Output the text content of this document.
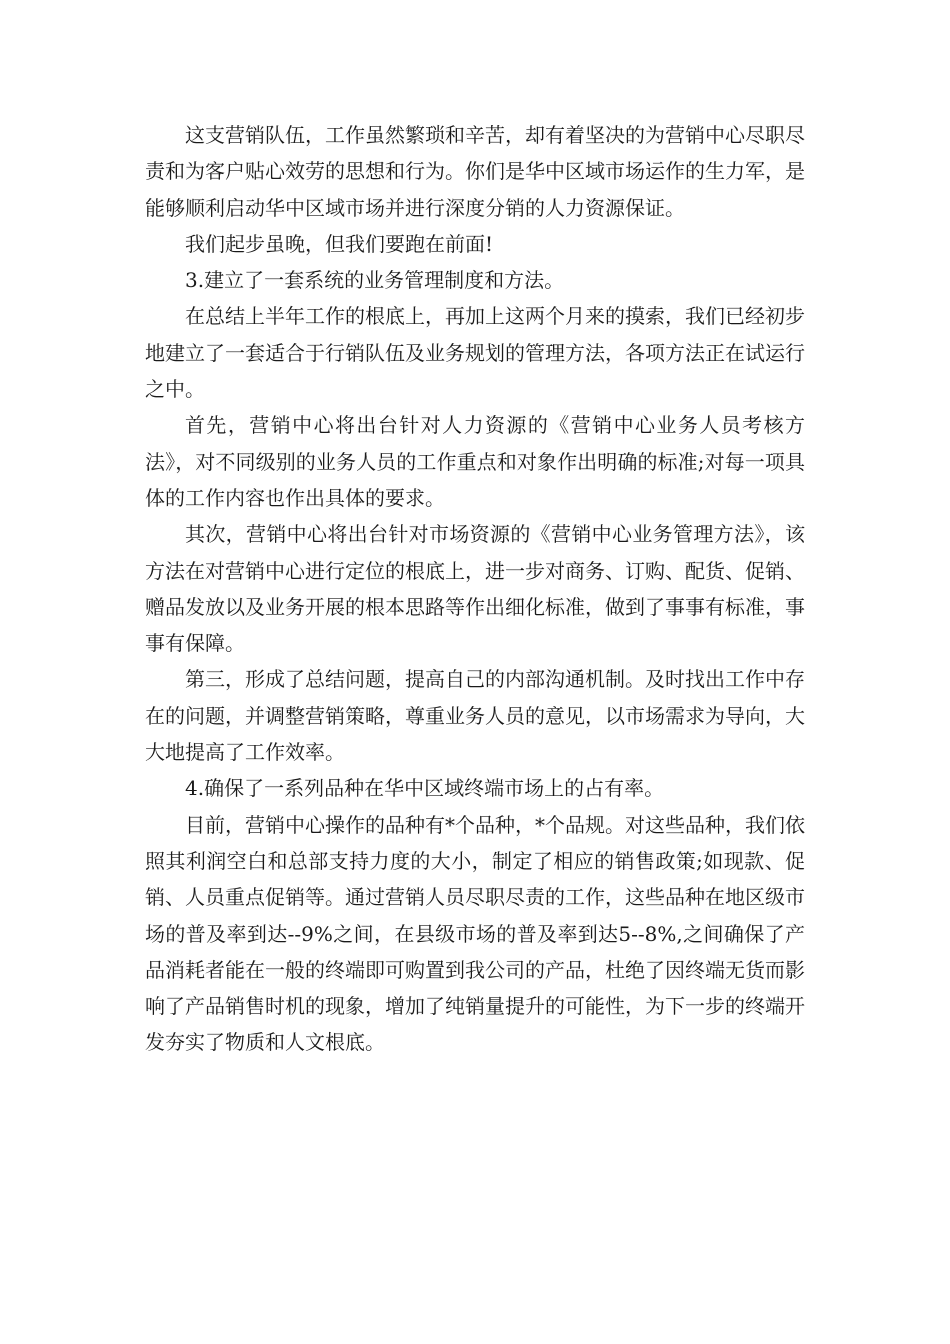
这支营销队伍，工作虽然繁琐和辛苦，却有着坚决的为营销中心尽职尽责和为客户贴心效劳的思想和行为。你们是华中区域市场运作的生力军，是能够顺利启动华中区域市场并进行深度分销的人力资源保证。

我们起步虽晚，但我们要跑在前面!

3.建立了一套系统的业务管理制度和方法。

在总结上半年工作的根底上，再加上这两个月来的摸索，我们已经初步地建立了一套适合于行销队伍及业务规划的管理方法，各项方法正在试运行之中。

首先，营销中心将出台针对人力资源的《营销中心业务人员考核方法》，对不同级别的业务人员的工作重点和对象作出明确的标准;对每一项具体的工作内容也作出具体的要求。

其次，营销中心将出台针对市场资源的《营销中心业务管理方法》，该方法在对营销中心进行定位的根底上，进一步对商务、订购、配货、促销、赠品发放以及业务开展的根本思路等作出细化标准，做到了事事有标准，事事有保障。

第三，形成了总结问题，提高自己的内部沟通机制。及时找出工作中存在的问题，并调整营销策略，尊重业务人员的意见，以市场需求为导向，大大地提高了工作效率。

4.确保了一系列品种在华中区域终端市场上的占有率。

目前，营销中心操作的品种有*个品种，*个品规。对这些品种，我们依照其利润空白和总部支持力度的大小，制定了相应的销售政策;如现款、促销、人员重点促销等。通过营销人员尽职尽责的工作，这些品种在地区级市场的普及率到达--9%之间，在县级市场的普及率到达5--8%,之间确保了产品消耗者能在一般的终端即可购置到我公司的产品，杜绝了因终端无货而影响了产品销售时机的现象，增加了纯销量提升的可能性，为下一步的终端开发夯实了物质和人文根底。
